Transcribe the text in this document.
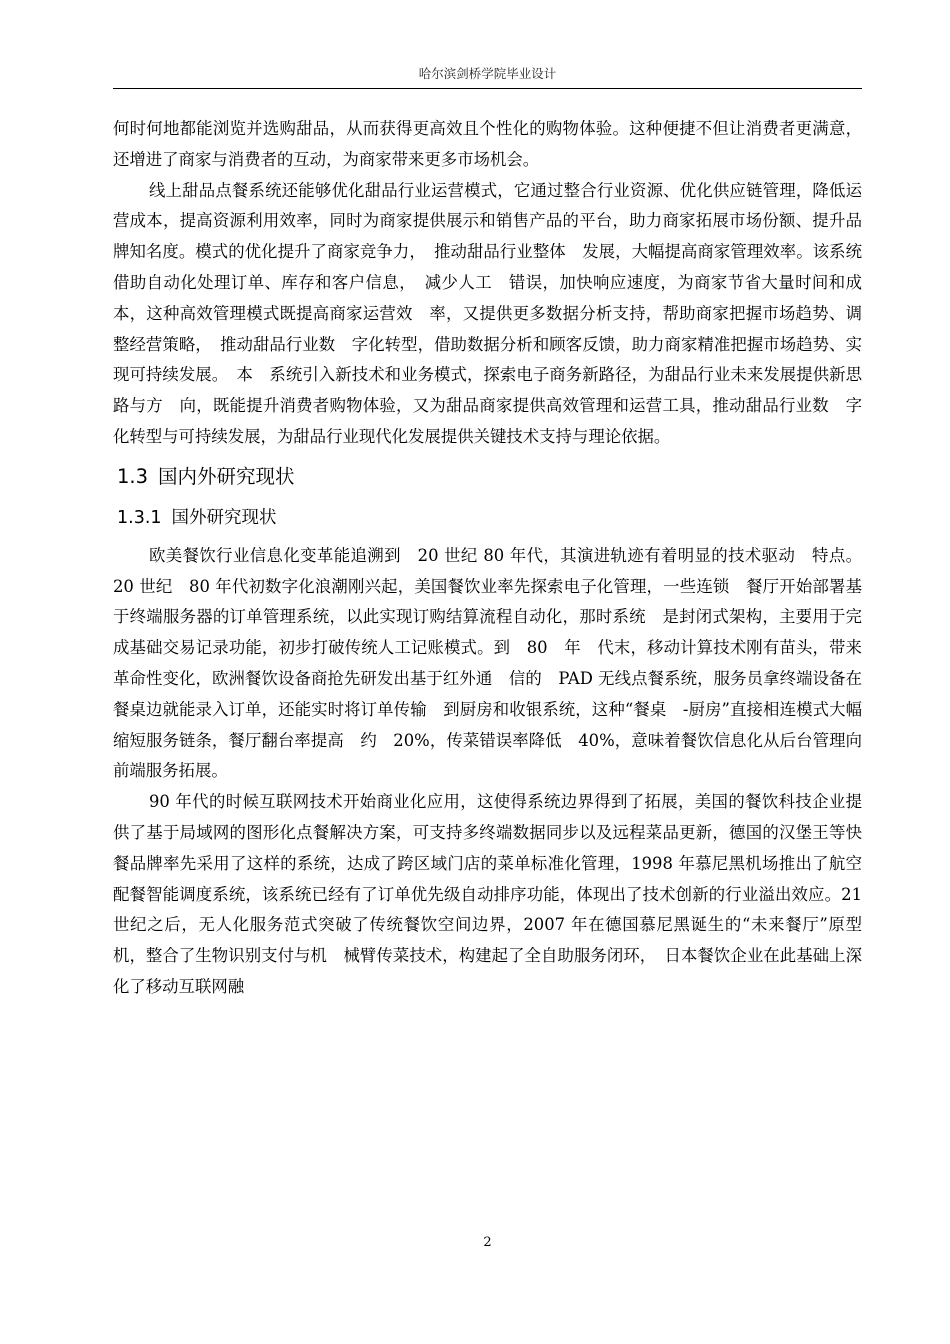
哈尔滨剑桥学院毕业设计

何时何地都能浏览并选购甜品，从而获得更高效且个性化的购物体验。这种便捷不但让消费者更满意，还增进了商家与消费者的互动，为商家带来更多市场机会。

线上甜品点餐系统还能够优化甜品行业运营模式，它通过整合行业资源、优化供应链管理，降低运营成本，提高资源利用效率，同时为商家提供展示和销售产品的平台，助力商家拓展市场份额、提升品牌知名度。模式的优化提升了商家竞争力，　推动甜品行业整体　发展，大幅提高商家管理效率。该系统借助自动化处理订单、库存和客户信息，　减少人工　错误，加快响应速度，为商家节省大量时间和成本，这种高效管理模式既提高商家运营效　率，又提供更多数据分析支持，帮助商家把握市场趋势、调整经营策略，　推动甜品行业数　字化转型，借助数据分析和顾客反馈，助力商家精准把握市场趋势、实现可持续发展。　本　系统引入新技术和业务模式，探索电子商务新路径，为甜品行业未来发展提供新思路与方　向，既能提升消费者购物体验，又为甜品商家提供高效管理和运营工具，推动甜品行业数　字化转型与可持续发展，为甜品行业现代化发展提供关键技术支持与理论依据。

1.3 国内外研究现状
1.3.1 国外研究现状

欧美餐饮行业信息化变革能追溯到　20 世纪 80 年代，其演进轨迹有着明显的技术驱动　特点。20 世纪　80 年代初数字化浪潮刚兴起，美国餐饮业率先探索电子化管理，一些连锁　餐厅开始部署基于终端服务器的订单管理系统，以此实现订购结算流程自动化，那时系统　是封闭式架构，主要用于完成基础交易记录功能，初步打破传统人工记账模式。到　80　年　代末，移动计算技术刚有苗头，带来革命性变化，欧洲餐饮设备商抢先研发出基于红外通　信的　PAD 无线点餐系统，服务员拿终端设备在餐桌边就能录入订单，还能实时将订单传输　到厨房和收银系统，这种“餐桌　-厨房”直接相连模式大幅缩短服务链条，餐厅翻台率提高　约　20%，传菜错误率降低　40%，意味着餐饮信息化从后台管理向前端服务拓展。

90 年代的时候互联网技术开始商业化应用，这使得系统边界得到了拓展，美国的餐饮科技企业提供了基于局域网的图形化点餐解决方案，可支持多终端数据同步以及远程菜品更新，德国的汉堡王等快餐品牌率先采用了这样的系统，达成了跨区域门店的菜单标准化管理，1998 年慕尼黑机场推出了航空配餐智能调度系统，该系统已经有了订单优先级自动排序功能，体现出了技术创新的行业溢出效应。21 世纪之后，无人化服务范式突破了传统餐饮空间边界，2007 年在德国慕尼黑诞生的“未来餐厅”原型机，整合了生物识别支付与机　械臂传菜技术，构建起了全自助服务闭环，　日本餐饮企业在此基础上深化了移动互联网融

2
